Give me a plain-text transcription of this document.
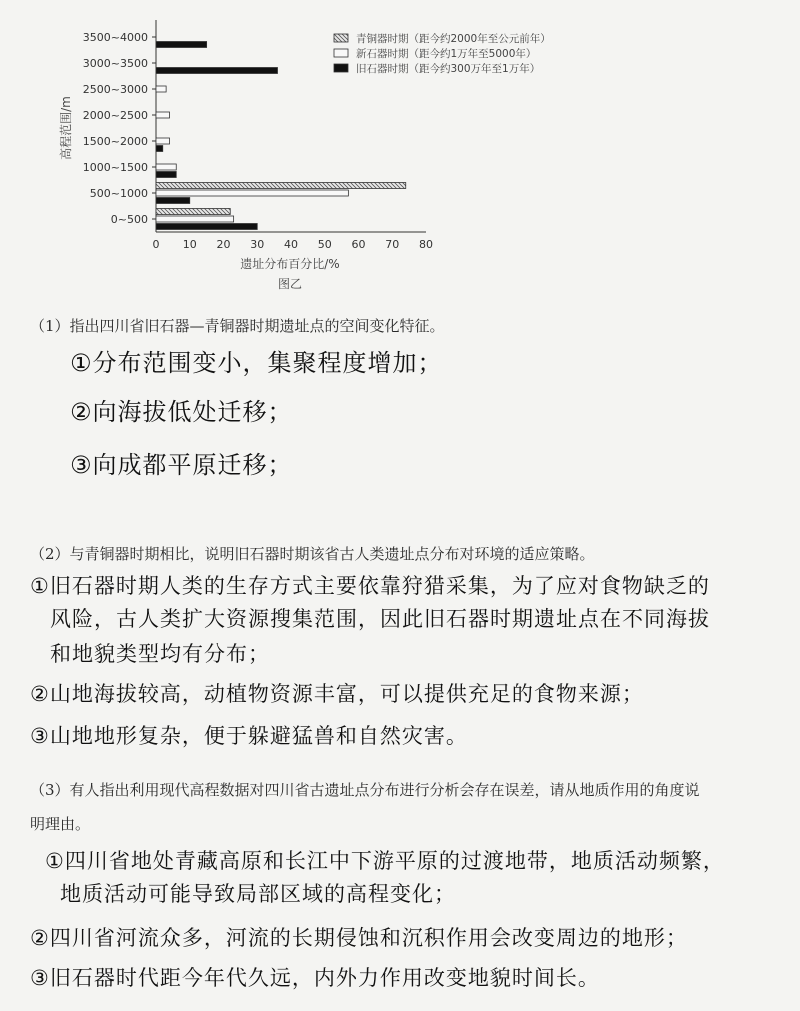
0~500
500~1000
1000~1500
1500~2000
2000~2500
2500~3000
3000~3500
3500~4000
0 10 20 30 40 50 60 70 80
高程范围/m
遗址分布百分比/%
图乙
青铜器时期（距今约2000年至公元前年）
新石器时期（距今约1万年至5000年）
旧石器时期（距今约300万年至1万年）
（1）指出四川省旧石器—青铜器时期遗址点的空间变化特征。
①分布范围变小，集聚程度增加；
②向海拔低处迁移；
③向成都平原迁移；
（2）与青铜器时期相比，说明旧石器时期该省古人类遗址点分布对环境的适应策略。
①旧石器时期人类的生存方式主要依靠狩猎采集，为了应对食物缺乏的
风险，古人类扩大资源搜集范围，因此旧石器时期遗址点在不同海拔
和地貌类型均有分布；
②山地海拔较高，动植物资源丰富，可以提供充足的食物来源；
③山地地形复杂，便于躲避猛兽和自然灾害。
（3）有人指出利用现代高程数据对四川省古遗址点分布进行分析会存在误差，请从地质作用的角度说
明理由。
①四川省地处青藏高原和长江中下游平原的过渡地带，地质活动频繁，
地质活动可能导致局部区域的高程变化；
②四川省河流众多，河流的长期侵蚀和沉积作用会改变周边的地形；
③旧石器时代距今年代久远，内外力作用改变地貌时间长。
